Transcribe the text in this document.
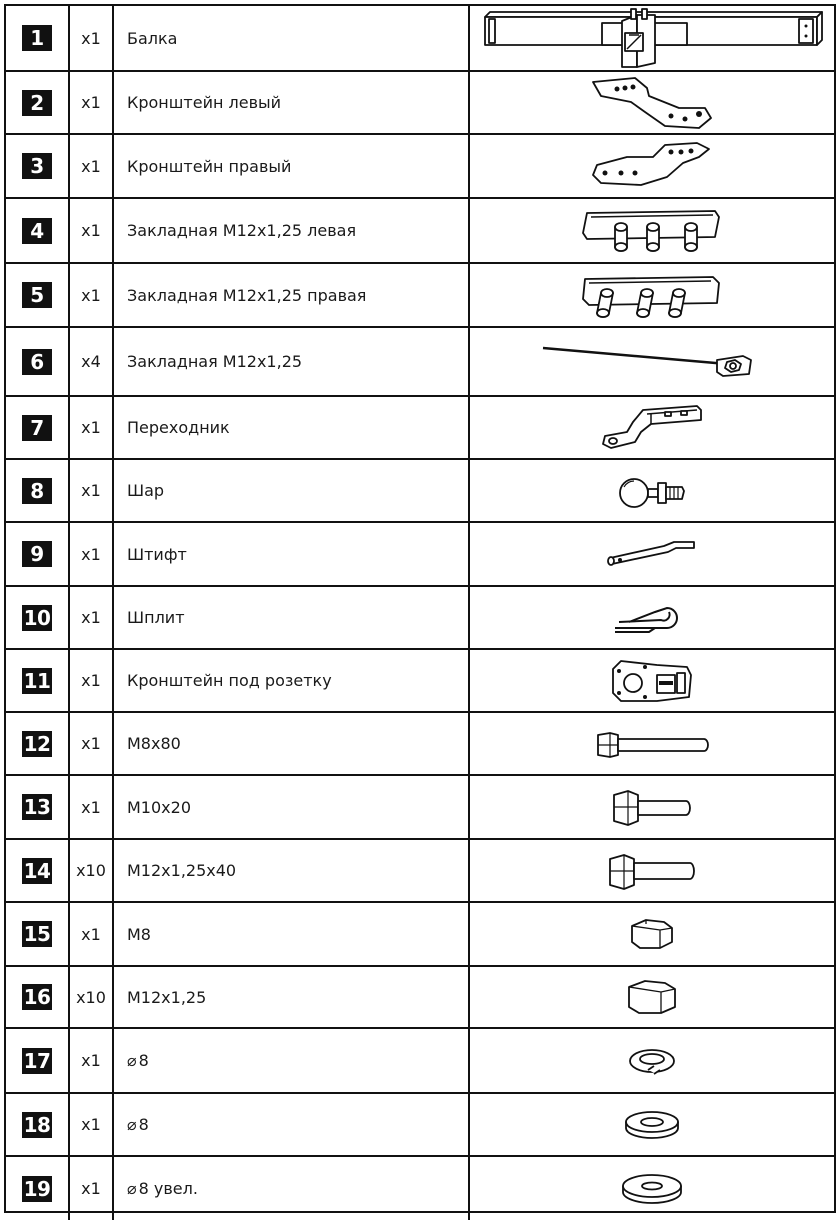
1	x1 Балка
2	x1 Кронштейн левый
3	x1 Кронштейн правый
4	x1 Закладная М12x1,25 левая
5	x1 Закладная М12x1,25 правая
6	x4 Закладная М12x1,25
7	x1 Переходник
8	x1 Шар
9	x1 Штифт
10 x1 Шплит
11 x1 Кронштейн под розетку
12 x1 М8x80
13 x1 М10x20
14 x10 М12x1,25x40
15 x1 М8
16 x10 М12x1,25
17 x1 ⌀ 8
18 x1 ⌀ 8
19 x1 ⌀ 8 увел.
